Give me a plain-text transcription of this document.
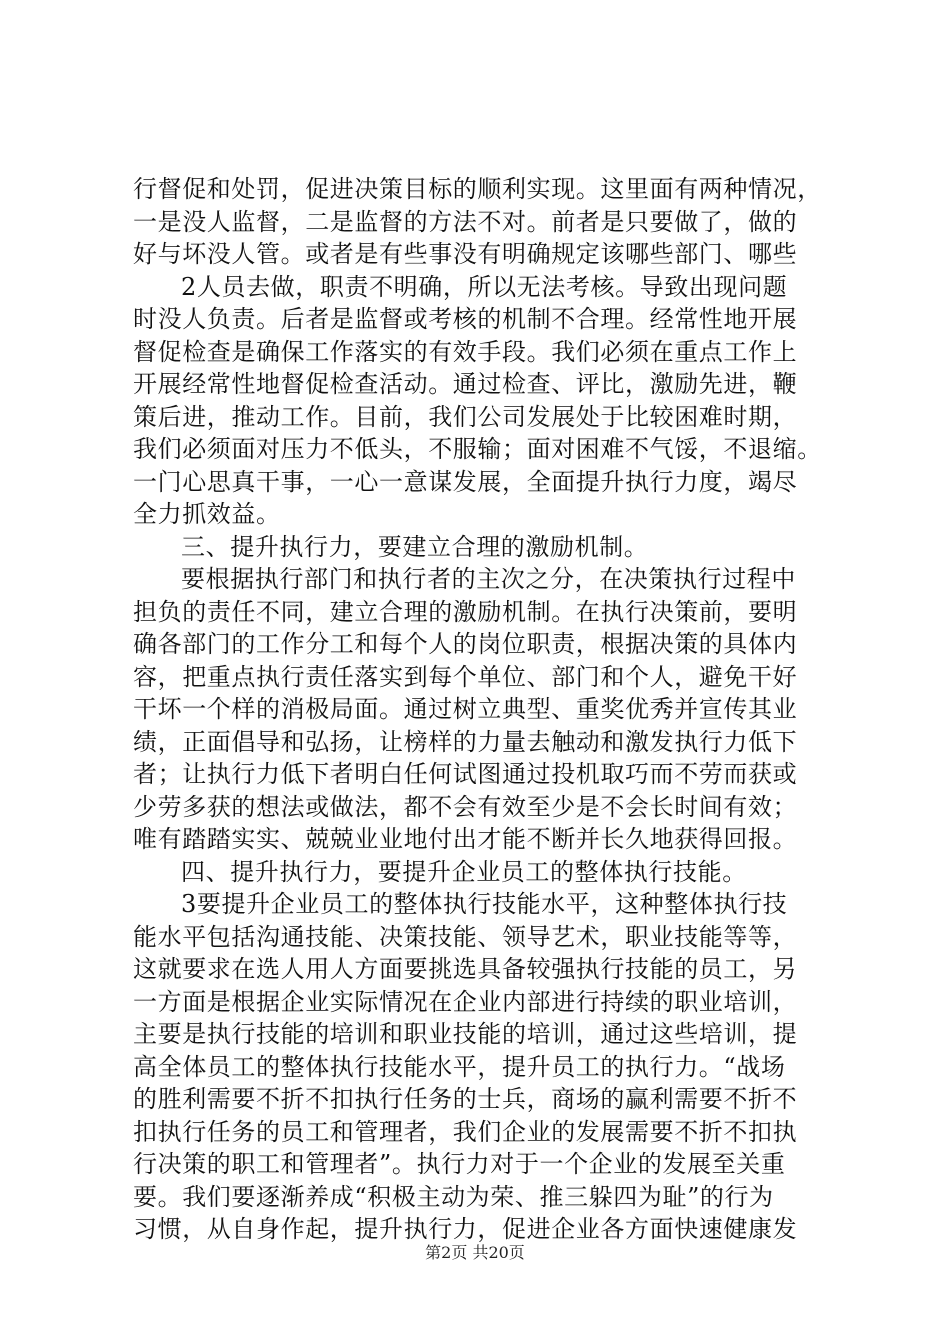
行督促和处罚，促进决策目标的顺利实现。这里面有两种情况，
一是没人监督，二是监督的方法不对。前者是只要做了，做的
好与坏没人管。或者是有些事没有明确规定该哪些部门、哪些
2人员去做，职责不明确，所以无法考核。导致出现问题
时没人负责。后者是监督或考核的机制不合理。经常性地开展
督促检查是确保工作落实的有效手段。我们必须在重点工作上
开展经常性地督促检查活动。通过检查、评比，激励先进，鞭
策后进，推动工作。目前，我们公司发展处于比较困难时期，
我们必须面对压力不低头，不服输；面对困难不气馁，不退缩。
一门心思真干事，一心一意谋发展，全面提升执行力度，竭尽
全力抓效益。
三、提升执行力，要建立合理的激励机制。
要根据执行部门和执行者的主次之分，在决策执行过程中
担负的责任不同，建立合理的激励机制。在执行决策前，要明
确各部门的工作分工和每个人的岗位职责，根据决策的具体内
容，把重点执行责任落实到每个单位、部门和个人，避免干好
干坏一个样的消极局面。通过树立典型、重奖优秀并宣传其业
绩，正面倡导和弘扬，让榜样的力量去触动和激发执行力低下
者；让执行力低下者明白任何试图通过投机取巧而不劳而获或
少劳多获的想法或做法，都不会有效至少是不会长时间有效；
唯有踏踏实实、兢兢业业地付出才能不断并长久地获得回报。
四、提升执行力，要提升企业员工的整体执行技能。
3要提升企业员工的整体执行技能水平，这种整体执行技
能水平包括沟通技能、决策技能、领导艺术，职业技能等等，
这就要求在选人用人方面要挑选具备较强执行技能的员工，另
一方面是根据企业实际情况在企业内部进行持续的职业培训，
主要是执行技能的培训和职业技能的培训，通过这些培训，提
高全体员工的整体执行技能水平，提升员工的执行力。“战场
的胜利需要不折不扣执行任务的士兵，商场的赢利需要不折不
扣执行任务的员工和管理者，我们企业的发展需要不折不扣执
行决策的职工和管理者”。执行力对于一个企业的发展至关重
要。我们要逐渐养成“积极主动为荣、推三躲四为耻”的行为
习惯，从自身作起，提升执行力，促进企业各方面快速健康发
第2页 共20页
